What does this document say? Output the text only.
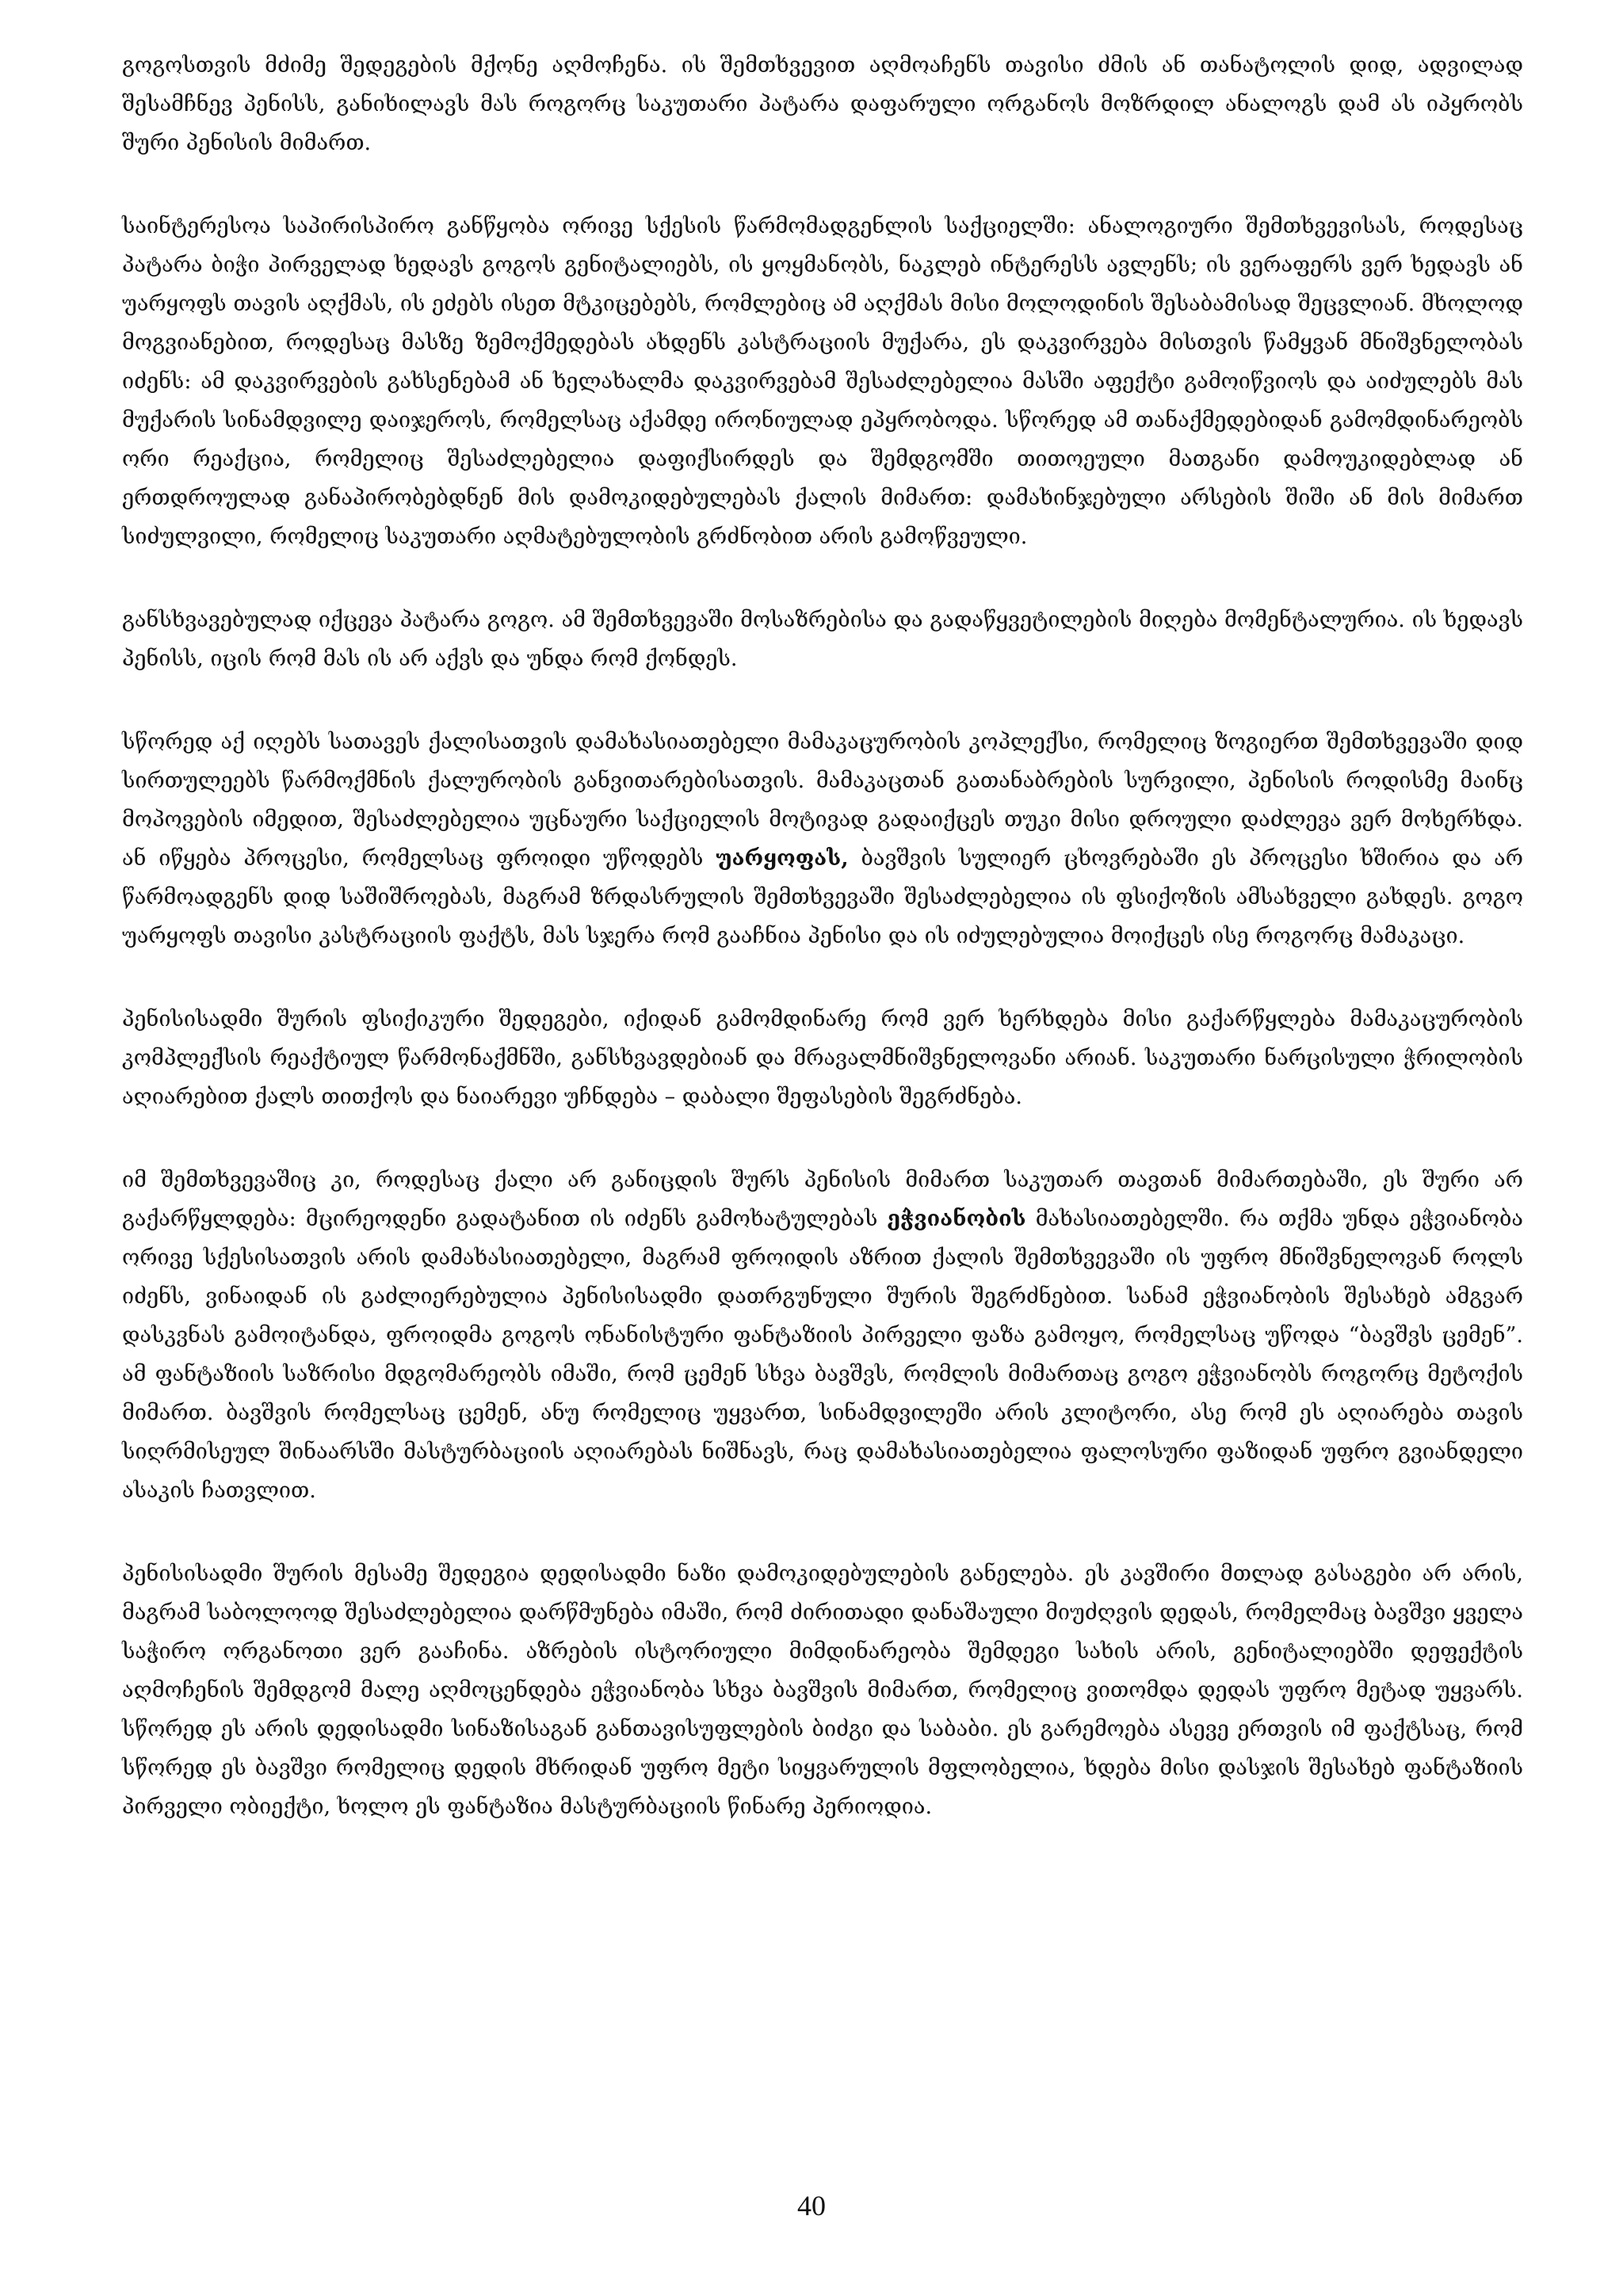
გოგოსთვის მძიმე შედეგების მქონე აღმოჩენა. ის შემთხვევით აღმოაჩენს თავისი ძმის ან თანატოლის დიდ, ადვილად შესამჩნევ პენისს, განიხილავს მას როგორც საკუთარი პატარა დაფარული ორგანოს მოზრდილ ანალოგს დამ ას იპყრობს შური პენისის მიმართ.

საინტერესოა საპირისპირო განწყობა ორივე სქესის წარმომადგენლის საქციელში: ანალოგიური შემთხვევისას, როდესაც პატარა ბიჭი პირველად ხედავს გოგოს გენიტალიებს, ის ყოყმანობს, ნაკლებ ინტერესს ავლენს; ის ვერაფერს ვერ ხედავს ან უარყოფს თავის აღქმას, ის ეძებს ისეთ მტკიცებებს, რომლებიც ამ აღქმას მისი მოლოდინის შესაბამისად შეცვლიან. მხოლოდ მოგვიანებით, როდესაც მასზე ზემოქმედებას ახდენს კასტრაციის მუქარა, ეს დაკვირვება მისთვის წამყვან მნიშვნელობას იძენს: ამ დაკვირვების გახსენებამ ან ხელახალმა დაკვირვებამ შესაძლებელია მასში აფექტი გამოიწვიოს და აიძულებს მას მუქარის სინამდვილე დაიჯეროს, რომელსაც აქამდე ირონიულად ეპყრობოდა. სწორედ ამ თანაქმედებიდან გამომდინარეობს ორი რეაქცია, რომელიც შესაძლებელია დაფიქსირდეს და შემდგომში თითოეული მათგანი დამოუკიდებლად ან ერთდროულად განაპირობებდნენ მის დამოკიდებულებას ქალის მიმართ: დამახინჯებული არსების შიში ან მის მიმართ სიძულვილი, რომელიც საკუთარი აღმატებულობის გრძნობით არის გამოწვეული.

განსხვავებულად იქცევა პატარა გოგო. ამ შემთხვევაში მოსაზრებისა და გადაწყვეტილების მიღება მომენტალურია. ის ხედავს პენისს, იცის რომ მას ის არ აქვს და უნდა რომ ქონდეს.

სწორედ აქ იღებს სათავეს ქალისათვის დამახასიათებელი მამაკაცურობის კოპლექსი, რომელიც ზოგიერთ შემთხვევაში დიდ სირთულეებს წარმოქმნის ქალურობის განვითარებისათვის. მამაკაცთან გათანაბრების სურვილი, პენისის როდისმე მაინც მოპოვების იმედით, შესაძლებელია უცნაური საქციელის მოტივად გადაიქცეს თუკი მისი დროული დაძლევა ვერ მოხერხდა. ან იწყება პროცესი, რომელსაც ფროიდი უწოდებს უარყოფას, ბავშვის სულიერ ცხოვრებაში ეს პროცესი ხშირია და არ წარმოადგენს დიდ საშიშროებას, მაგრამ ზრდასრულის შემთხვევაში შესაძლებელია ის ფსიქოზის ამსახველი გახდეს. გოგო უარყოფს თავისი კასტრაციის ფაქტს, მას სჯერა რომ გააჩნია პენისი და ის იძულებულია მოიქცეს ისე როგორც მამაკაცი.

პენისისადმი შურის ფსიქიკური შედეგები, იქიდან გამომდინარე რომ ვერ ხერხდება მისი გაქარწყლება მამაკაცურობის კომპლექსის რეაქტიულ წარმონაქმნში, განსხვავდებიან და მრავალმნიშვნელოვანი არიან. საკუთარი ნარცისული ჭრილობის აღიარებით ქალს თითქოს და ნაიარევი უჩნდება – დაბალი შეფასების შეგრძნება.

იმ შემთხვევაშიც კი, როდესაც ქალი არ განიცდის შურს პენისის მიმართ საკუთარ თავთან მიმართებაში, ეს შური არ გაქარწყლდება: მცირეოდენი გადატანით ის იძენს გამოხატულებას ეჭვიანობის მახასიათებელში. რა თქმა უნდა ეჭვიანობა ორივე სქესისათვის არის დამახასიათებელი, მაგრამ ფროიდის აზრით ქალის შემთხვევაში ის უფრო მნიშვნელოვან როლს იძენს, ვინაიდან ის გაძლიერებულია პენისისადმი დათრგუნული შურის შეგრძნებით. სანამ ეჭვიანობის შესახებ ამგვარ დასკვნას გამოიტანდა, ფროიდმა გოგოს ონანისტური ფანტაზიის პირველი ფაზა გამოყო, რომელსაც უწოდა “ბავშვს ცემენ”. ამ ფანტაზიის საზრისი მდგომარეობს იმაში, რომ ცემენ სხვა ბავშვს, რომლის მიმართაც გოგო ეჭვიანობს როგორც მეტოქის მიმართ. ბავშვის რომელსაც ცემენ, ანუ რომელიც უყვართ, სინამდვილეში არის კლიტორი, ასე რომ ეს აღიარება თავის სიღრმისეულ შინაარსში მასტურბაციის აღიარებას ნიშნავს, რაც დამახასიათებელია ფალოსური ფაზიდან უფრო გვიანდელი ასაკის ჩათვლით.

პენისისადმი შურის მესამე შედეგია დედისადმი ნაზი დამოკიდებულების განელება. ეს კავშირი მთლად გასაგები არ არის, მაგრამ საბოლოოდ შესაძლებელია დარწმუნება იმაში, რომ ძირითადი დანაშაული მიუძღვის დედას, რომელმაც ბავშვი ყველა საჭირო ორგანოთი ვერ გააჩინა. აზრების ისტორიული მიმდინარეობა შემდეგი სახის არის, გენიტალიებში დეფექტის აღმოჩენის შემდგომ მალე აღმოცენდება ეჭვიანობა სხვა ბავშვის მიმართ, რომელიც ვითომდა დედას უფრო მეტად უყვარს. სწორედ ეს არის დედისადმი სინაზისაგან განთავისუფლების ბიძგი და საბაბი. ეს გარემოება ასევე ერთვის იმ ფაქტსაც, რომ სწორედ ეს ბავშვი რომელიც დედის მხრიდან უფრო მეტი სიყვარულის მფლობელია, ხდება მისი დასჯის შესახებ ფანტაზიის პირველი ობიექტი, ხოლო ეს ფანტაზია მასტურბაციის წინარე პერიოდია.

40
